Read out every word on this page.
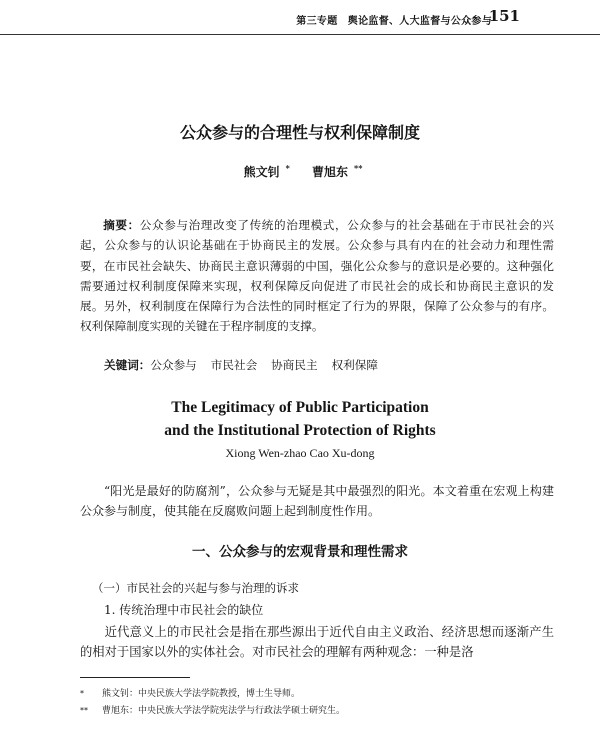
第三专题　舆论监督、人大监督与公众参与
151
公众参与的合理性与权利保障制度
熊文钊 * 曹旭东 **

摘要：公众参与治理改变了传统的治理模式，公众参与的社会基础在于市民社会的兴起，公众参与的认识论基础在于协商民主的发展。公众参与具有内在的社会动力和理性需要，在市民社会缺失、协商民主意识薄弱的中国，强化公众参与的意识是必要的。这种强化需要通过权利制度保障来实现，权利保障反向促进了市民社会的成长和协商民主意识的发展。另外，权利制度在保障行为合法性的同时框定了行为的界限，保障了公众参与的有序。权利保障制度实现的关键在于程序制度的支撑。

关键词：公众参与 市民社会 协商民主 权利保障
The Legitimacy of Public Participation
and the Institutional Protection of Rights
Xiong Wen-zhao Cao Xu-dong

“阳光是最好的防腐剂”，公众参与无疑是其中最强烈的阳光。本文着重在宏观上构建公众参与制度，使其能在反腐败问题上起到制度性作用。

一、公众参与的宏观背景和理性需求
（一）市民社会的兴起与参与治理的诉求
1. 传统治理中市民社会的缺位

近代意义上的市民社会是指在那些源出于近代自由主义政治、经济思想而逐渐产生的相对于国家以外的实体社会。对市民社会的理解有两种观念：一种是洛

* 熊文钊：中央民族大学法学院教授，博士生导师。
** 曹旭东：中央民族大学法学院宪法学与行政法学硕士研究生。
